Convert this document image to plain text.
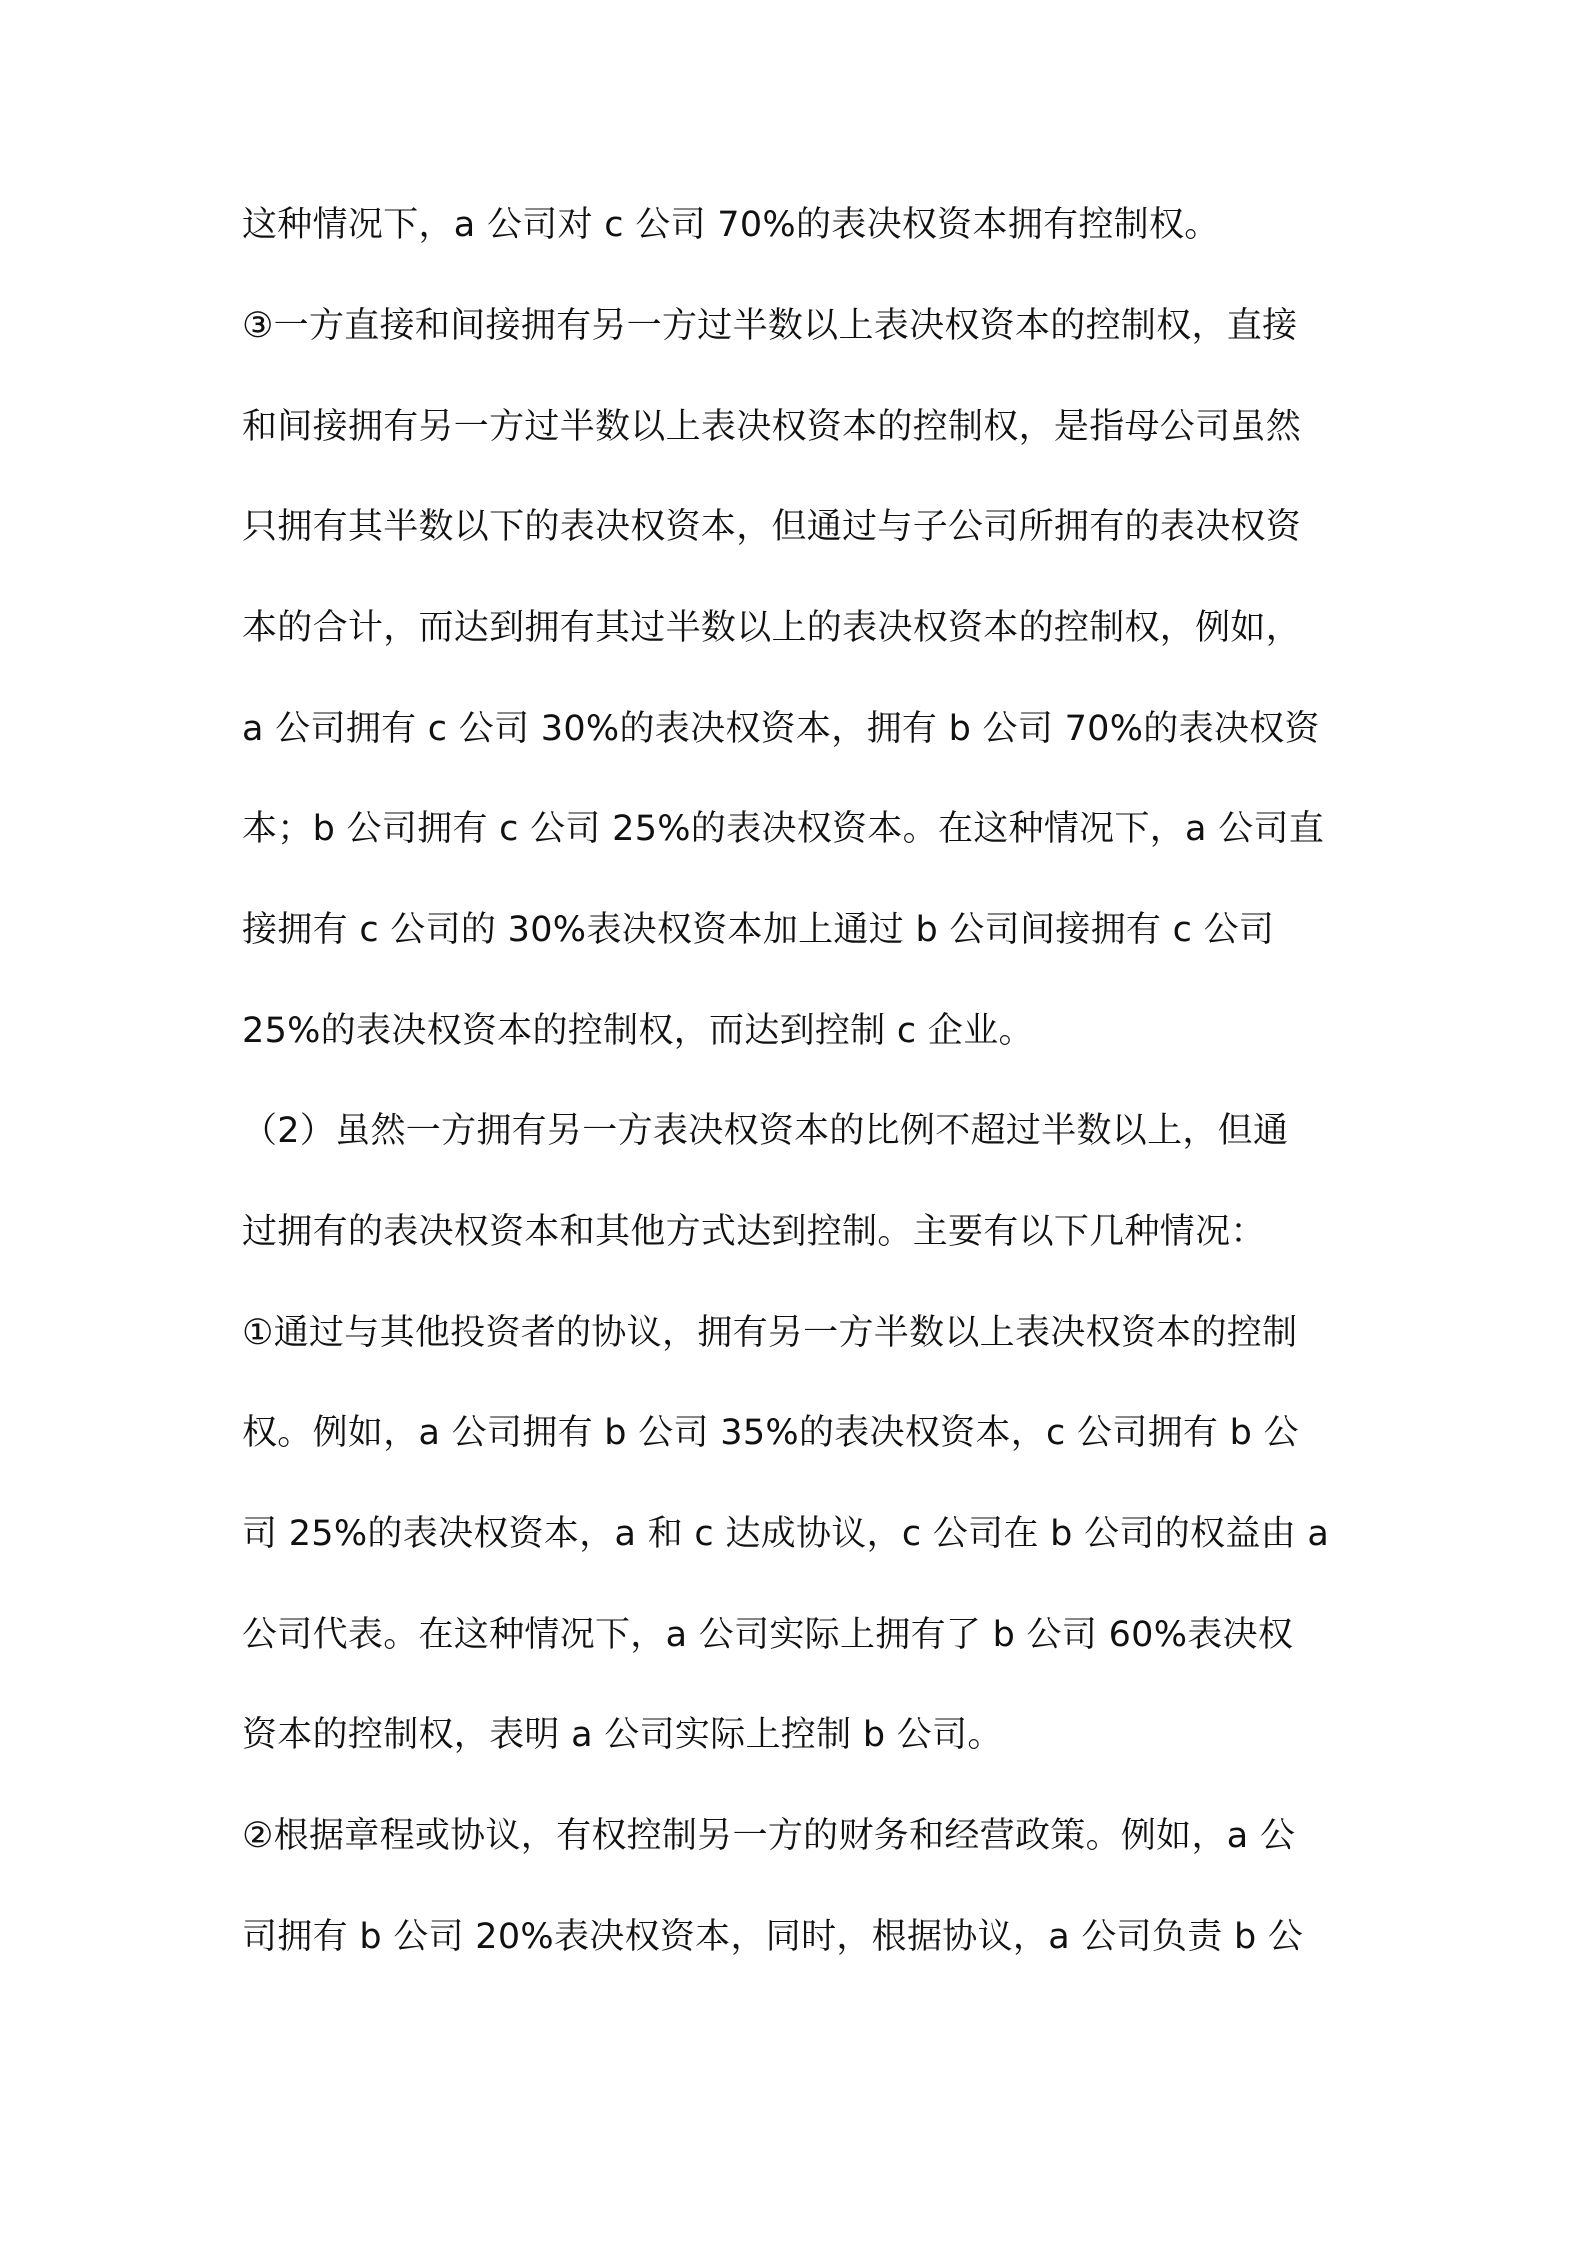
这种情况下，a 公司对 c 公司 70%的表决权资本拥有控制权。

③一方直接和间接拥有另一方过半数以上表决权资本的控制权，直接

和间接拥有另一方过半数以上表决权资本的控制权，是指母公司虽然

只拥有其半数以下的表决权资本，但通过与子公司所拥有的表决权资

本的合计，而达到拥有其过半数以上的表决权资本的控制权，例如，

a 公司拥有 c 公司 30%的表决权资本，拥有 b 公司 70%的表决权资

本；b 公司拥有 c 公司 25%的表决权资本。在这种情况下，a 公司直

接拥有 c 公司的 30%表决权资本加上通过 b 公司间接拥有 c 公司

25%的表决权资本的控制权，而达到控制 c 企业。

（2）虽然一方拥有另一方表决权资本的比例不超过半数以上，但通

过拥有的表决权资本和其他方式达到控制。主要有以下几种情况：

①通过与其他投资者的协议，拥有另一方半数以上表决权资本的控制

权。例如，a 公司拥有 b 公司 35%的表决权资本，c 公司拥有 b 公

司 25%的表决权资本，a 和 c 达成协议，c 公司在 b 公司的权益由 a

公司代表。在这种情况下，a 公司实际上拥有了 b 公司 60%表决权

资本的控制权，表明 a 公司实际上控制 b 公司。

②根据章程或协议，有权控制另一方的财务和经营政策。例如，a 公

司拥有 b 公司 20%表决权资本，同时，根据协议，a 公司负责 b 公
